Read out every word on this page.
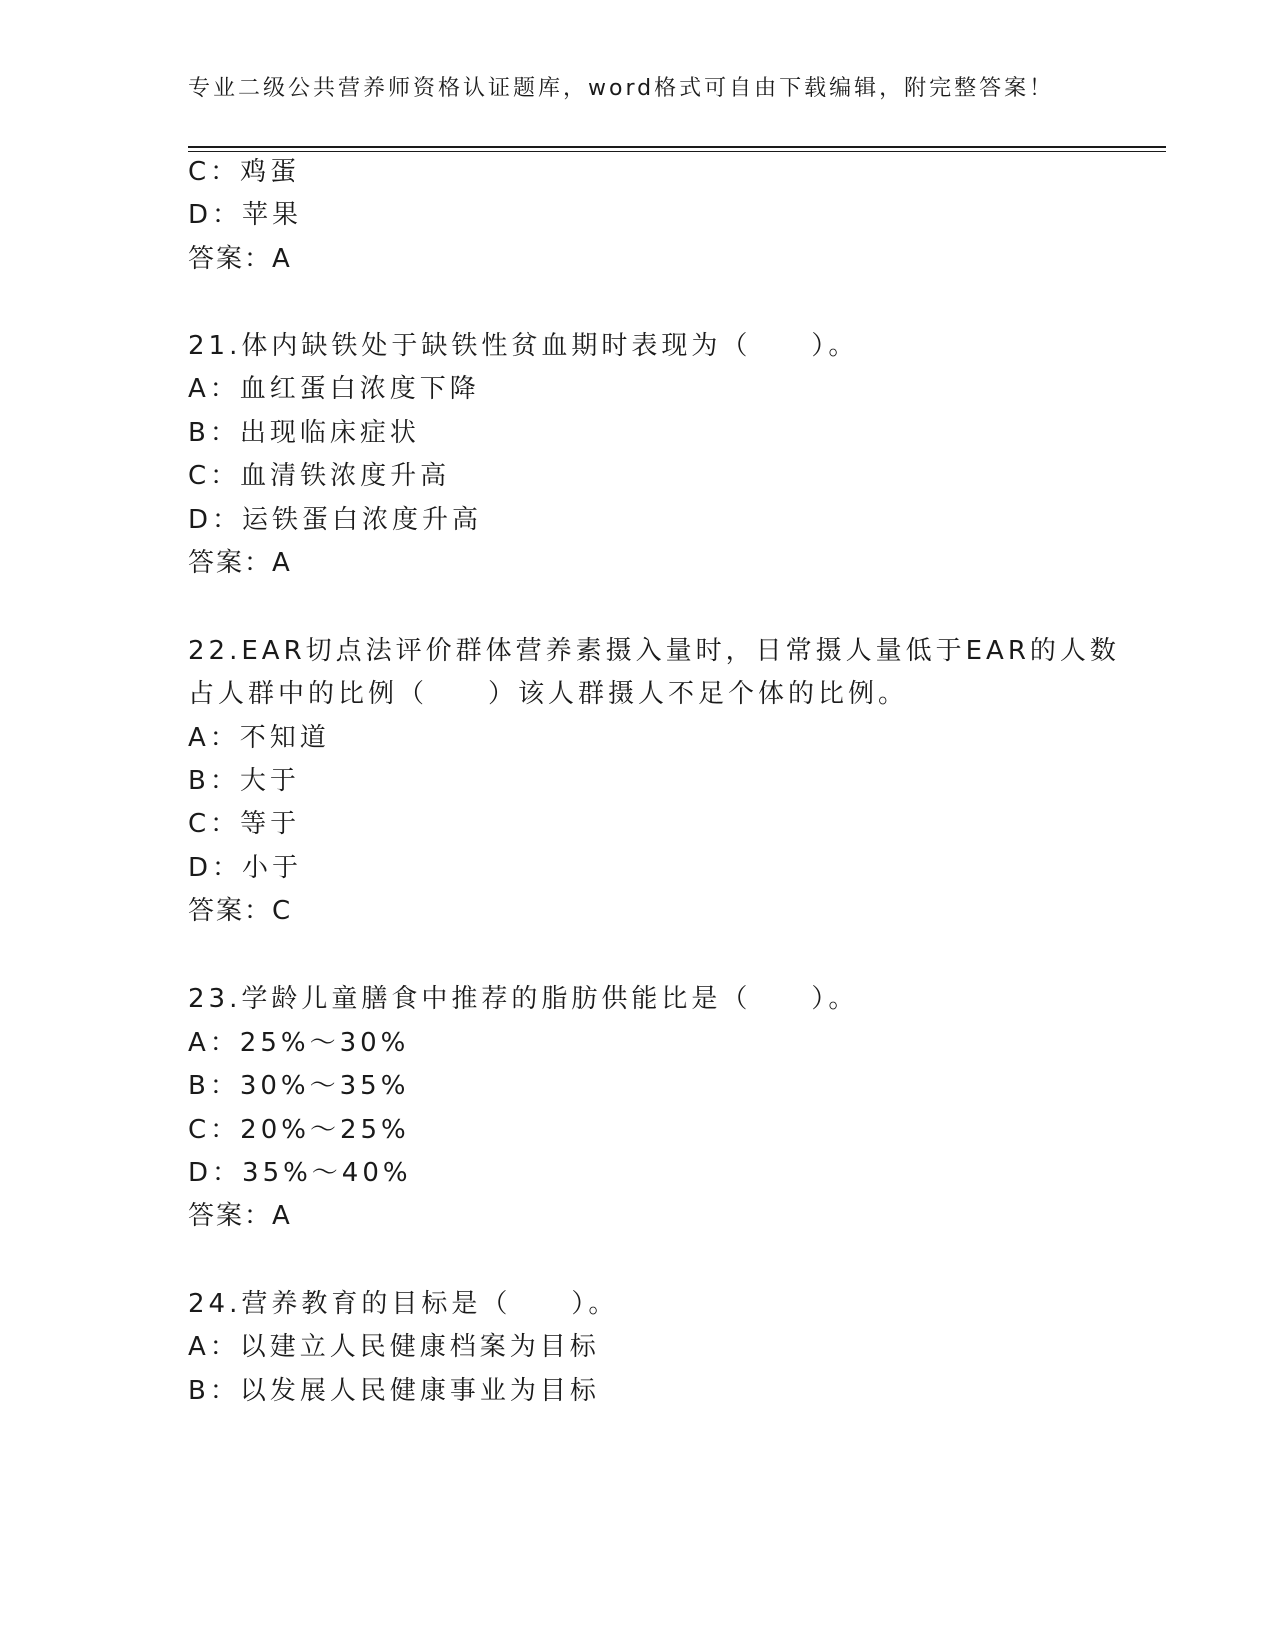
专业二级公共营养师资格认证题库，word格式可自由下载编辑，附完整答案！
C：鸡蛋
D：苹果
答案：A
21.体内缺铁处于缺铁性贫血期时表现为（　　）。
A：血红蛋白浓度下降
B：出现临床症状
C：血清铁浓度升高
D：运铁蛋白浓度升高
答案：A
22.EAR切点法评价群体营养素摄入量时，日常摄人量低于EAR的人数
占人群中的比例（　　）该人群摄人不足个体的比例。
A：不知道
B：大于
C：等于
D：小于
答案：C
23.学龄儿童膳食中推荐的脂肪供能比是（　　）。
A：25%～30%
B：30%～35%
C：20%～25%
D：35%～40%
答案：A
24.营养教育的目标是（　　）。
A：以建立人民健康档案为目标
B：以发展人民健康事业为目标
